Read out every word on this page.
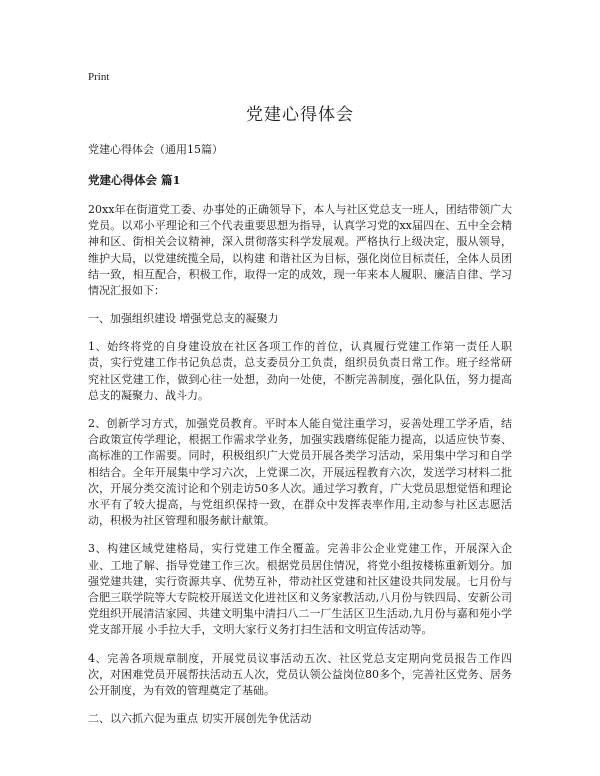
Print
党建心得体会
党建心得体会（通用15篇）
党建心得体会 篇1

20xx年在街道党工委、办事处的正确领导下，本人与社区党总支一班人，团结带领广大党员。以邓小平理论和三个代表重要思想为指导，认真学习党的xx届四在、五中全会精神和区、街相关会议精神，深入贯彻落实科学发展观。严格执行上级决定，服从领导，维护大局，以党建统揽全局，以构建 和谐社区为目标，强化岗位目标责任，全体人员团结一致，相互配合，积极工作，取得一定的成效，现一年来本人履职、廉洁自律、学习情况汇报如下：

一、加强组织建设 增强党总支的凝聚力

1、始终将党的自身建设放在社区各项工作的首位，认真履行党建工作第一责任人职责，实行党建工作书记负总责，总支委员分工负责，组织员负责日常工作。班子经常研究社区党建工作，做到心往一处想，劲向一处使，不断完善制度，强化队伍，努力提高总支的凝聚力、战斗力。

2、创新学习方式，加强党员教育。平时本人能自觉注重学习，妥善处理工学矛盾，结合政策宣传学理论，根据工作需求学业务，加强实践磨练促能力提高，以适应快节奏、高标准的工作需要。同时，积极组织广大党员开展各类学习活动，采用集中学习和自学相结合。全年开展集中学习六次，上党课二次，开展远程教育六次，发送学习材料二批次，开展分类交流讨论和个别走访50多人次。通过学习教育，广大党员思想觉悟和理论水平有了较大提高，与党组织保持一致，在群众中发挥表率作用,主动参与社区志愿活动，积极为社区管理和服务献计献策。

3、构建区域党建格局，实行党建工作全覆盖。完善非公企业党建工作，开展深入企业、工地了解、指导党建工作三次。根据党员居住情况，将党小组按楼栋重新划分。加强党建共建，实行资源共享、优势互补，带动社区党建和社区建设共同发展。七月份与合肥三联学院等大专院校开展送文化进社区和义务家教活动,八月份与铁四局、安新公司党组织开展清洁家园、共建文明集中清扫八二一厂生活区卫生活动,九月份与嘉和苑小学党支部开展 小手拉大手，文明大家行义务打扫生活和文明宣传活动等。

4、完善各项规章制度，开展党员议事活动五次、社区党总支定期向党员报告工作四次，对困难党员开展帮扶活动五人次，党员认领公益岗位80多个，完善社区党务、居务公开制度，为有效的管理奠定了基础。

二、以六抓六促为重点 切实开展创先争优活动
